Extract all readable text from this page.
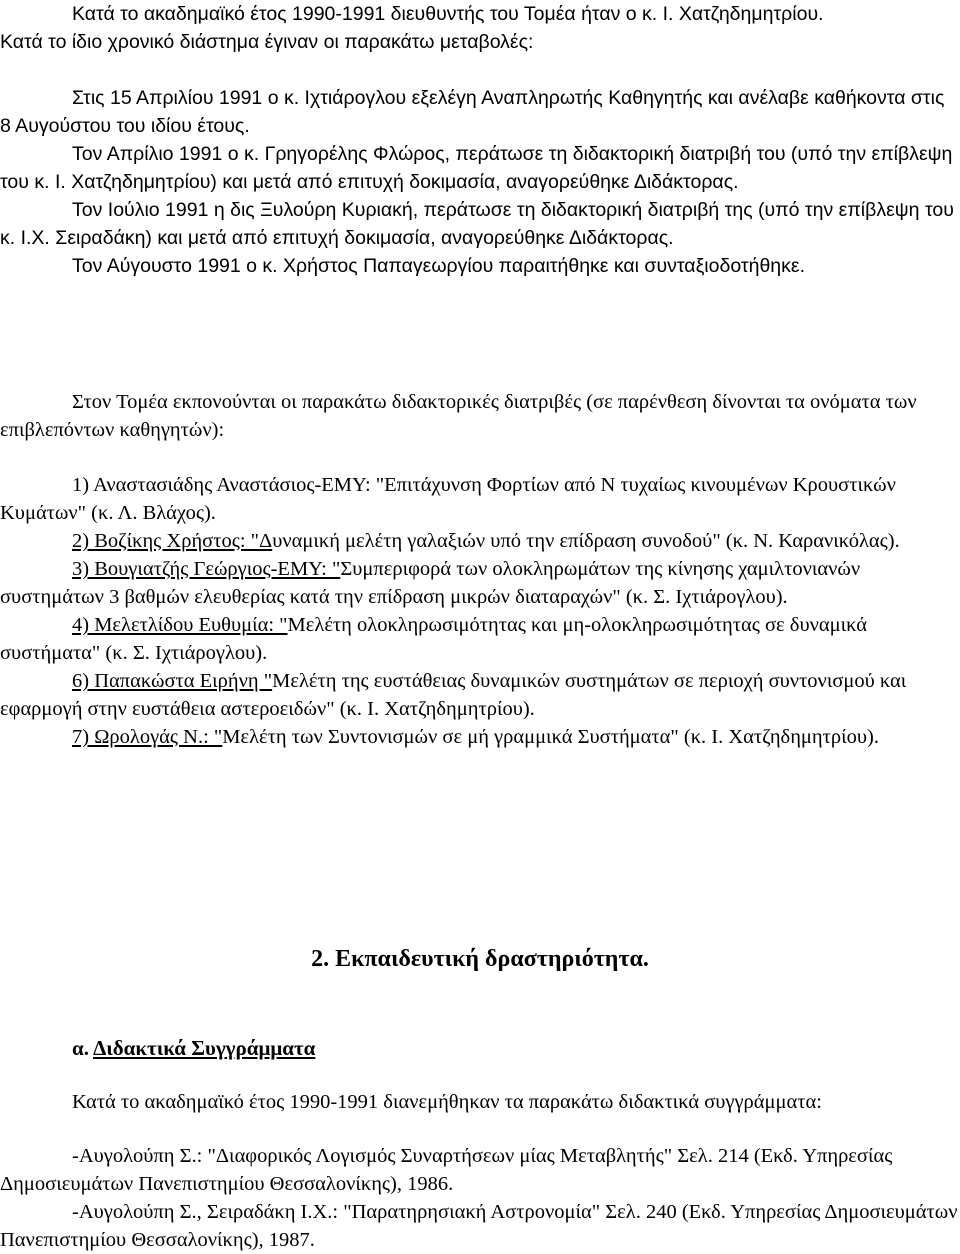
Κατά το ακαδημαϊκό έτος 1990-1991 διευθυντής του Τομέα ήταν ο κ. Ι. Χατζηδημητρίου.

Κατά το ίδιο χρονικό διάστημα έγιναν οι παρακάτω μεταβολές:

Στις 15 Απριλίου 1991 ο κ. Ιχτιάρογλου εξελέγη Αναπληρωτής Καθηγητής και ανέλαβε καθήκοντα στις 8 Αυγούστου του ιδίου έτους.

Τον Απρίλιο 1991 ο κ. Γρηγορέλης Φλώρος, περάτωσε τη διδακτορική διατριβή του (υπό την επίβλεψη του κ. Ι. Χατζηδημητρίου) και μετά από επιτυχή δοκιμασία, αναγορεύθηκε Διδάκτορας.

Τον Ιούλιο 1991 η δις Ξυλούρη Κυριακή, περάτωσε τη διδακτορική διατριβή της (υπό την επίβλεψη του κ. Ι.Χ. Σειραδάκη) και μετά από επιτυχή δοκιμασία, αναγορεύθηκε Διδάκτορας.

Τον Αύγουστο 1991 ο κ. Χρήστος Παπαγεωργίου παραιτήθηκε και συνταξιοδοτήθηκε.

Στον Τομέα εκπονούνται οι παρακάτω διδακτορικές διατριβές (σε παρένθεση δίνονται τα ονόματα των επιβλεπόντων καθηγητών):

1) Αναστασιάδης Αναστάσιος-ΕΜΥ: "Επιτάχυνση Φορτίων από Ν τυχαίως κινουμένων Κρουστικών Κυμάτων" (κ. Λ. Βλάχος).

2) Βοζίκης Χρήστος: "Δυναμική μελέτη γαλαξιών υπό την επίδραση συνοδού" (κ. Ν. Καρανικόλας).

3) Βουγιατζής Γεώργιος-ΕΜΥ: "Συμπεριφορά των ολοκληρωμάτων της κίνησης χαμιλτονιανών συστημάτων 3 βαθμών ελευθερίας κατά την επίδραση μικρών διαταραχών" (κ. Σ. Ιχτιάρογλου).

4) Μελετλίδου Ευθυμία: "Μελέτη ολοκληρωσιμότητας και μη-ολοκληρωσιμότητας σε δυναμικά συστήματα" (κ. Σ. Ιχτιάρογλου).

6) Παπακώστα Ειρήνη "Μελέτη της ευστάθειας δυναμικών συστημάτων σε περιοχή συντονισμού και εφαρμογή στην ευστάθεια αστεροειδών" (κ. Ι. Χατζηδημητρίου).

7) Ωρολογάς Ν.: "Μελέτη των Συντονισμών σε μή γραμμικά Συστήματα" (κ. Ι. Χατζηδημητρίου).

2. Εκπαιδευτική δραστηριότητα.
α. Διδακτικά Συγγράμματα

Κατά το ακαδημαϊκό έτος 1990-1991 διανεμήθηκαν τα παρακάτω διδακτικά συγγράμματα:

-Αυγολούπη Σ.: "Διαφορικός Λογισμός Συναρτήσεων μίας Μεταβλητής" Σελ. 214 (Εκδ. Υπηρεσίας Δημοσιευμάτων Πανεπιστημίου Θεσσαλονίκης), 1986.

-Αυγολούπη Σ., Σειραδάκη Ι.Χ.: "Παρατηρησιακή Αστρονομία" Σελ. 240 (Εκδ. Υπηρεσίας Δημοσιευμάτων Πανεπιστημίου Θεσσαλονίκης), 1987.
